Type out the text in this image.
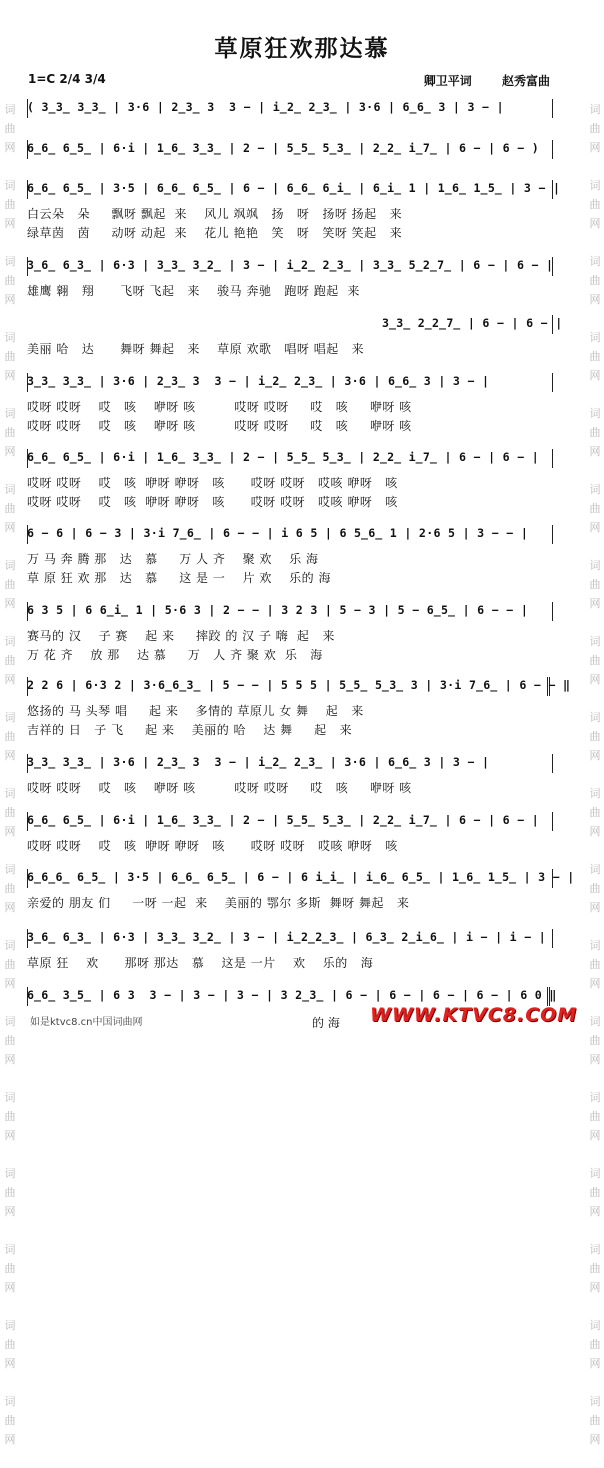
词
曲
网

词
曲
网

词
曲
网

词
曲
网

词
曲
网

词
曲
网

词
曲
网

词
曲
网

词
曲
网

词
曲
网

词
曲
网

词
曲
网

词
曲
网

词
曲
网

词
曲
网

词
曲
网

词
曲
网

词
曲
网

词
曲
网

词
曲
网

词
曲
网

词
曲
网

词
曲
网

词
曲
网

词
曲
网

词
曲
网

词
曲
网

词
曲
网

词
曲
网

词
曲
网

词
曲
网

词
曲
网

词
曲
网

词
曲
网

词
曲
网

词
曲
网

草原狂欢那达慕
1=C 2/4 3/4	卿卫平词	赵秀富曲
( 3̲3̲ 3̲3̲ | 3·6 | 2̲3̲ 3  3 − | i̲2̲ 2̲3̲ | 3·6 | 6̲6̲ 3 | 3 − |
6̲6̲ 6̲5̲ | 6·i | 1̲6̲ 3̲3̲ | 2 − | 5̲5̲ 5̲3̲ | 2̲2̲ i̲7̲ | 6 − | 6 − )
6̲6̲ 6̲5̲ | 3·5 | 6̲6̲ 6̲5̲ | 6 − | 6̲6̲ 6̲i̲ | 6̲i̲ 1 | 1̲6̲ 1̲5̲ | 3 − |
白云朵   朵     飘呀 飘起  来    风儿 飒飒   扬   呀   扬呀 扬起   来
绿草茵   茵     动呀 动起  来    花儿 艳艳   笑   呀   笑呀 笑起   来
3̲6̲ 6̲3̲ | 6·3 | 3̲3̲ 3̲2̲ | 3 − | i̲2̲ 2̲3̲ | 3̲3̲ 5̲2̲7̲ | 6 − | 6 − |
雄鹰 翱   翔      飞呀 飞起   来    骏马 奔驰   跑呀 跑起  来
3̲3̲ 2̲2̲7̲ | 6 − | 6 − |
美丽 哈   达      舞呀 舞起   来    草原 欢歌   唱呀 唱起   来
3̲3̲ 3̲3̲ | 3·6 | 2̲3̲ 3  3 − | i̲2̲ 2̲3̲ | 3·6 | 6̲6̲ 3 | 3 − |
哎呀 哎呀    哎   咳    咿呀 咳         哎呀 哎呀     哎   咳     咿呀 咳
哎呀 哎呀    哎   咳    咿呀 咳         哎呀 哎呀     哎   咳     咿呀 咳
6̲6̲ 6̲5̲ | 6·i | 1̲6̲ 3̲3̲ | 2 − | 5̲5̲ 5̲3̲ | 2̲2̲ i̲7̲ | 6 − | 6 − |
哎呀 哎呀    哎   咳  咿呀 咿呀   咳      哎呀 哎呀   哎咳 咿呀   咳
哎呀 哎呀    哎   咳  咿呀 咿呀   咳      哎呀 哎呀   哎咳 咿呀   咳
6 − 6 | 6 − 3 | 3·i 7̲6̲ | 6 − − | i 6 5 | 6 5̲6̲ 1 | 2·6 5 | 3 − − |
万 马 奔 腾 那   达   慕     万 人 齐    聚 欢    乐 海
草 原 狂 欢 那   达   慕     这 是 一    片 欢    乐的 海
6 3 5 | 6 6̲i̲ 1 | 5·6 3 | 2 − − | 3 2 3 | 5 − 3 | 5 − 6̲5̲ | 6 − − |
赛马的 汉    子 赛    起 来     摔跤 的 汉 子 嗨  起   来
万 花 齐    放 那    达 慕     万   人 齐 聚 欢  乐   海
2 2 6 | 6·3 2 | 3·6̲6̲3̲ | 5 − − | 5 5 5 | 5̲5̲ 5̲3̲ 3 | 3·i 7̲6̲ | 6 − − ‖
悠扬的 马 头琴 唱     起 来    多情的 草原儿 女 舞    起   来
吉祥的 日   子 飞     起 来    美丽的 哈    达 舞     起   来
3̲3̲ 3̲3̲ | 3·6 | 2̲3̲ 3  3 − | i̲2̲ 2̲3̲ | 3·6 | 6̲6̲ 3 | 3 − |
哎呀 哎呀    哎   咳    咿呀 咳         哎呀 哎呀     哎   咳     咿呀 咳
6̲6̲ 6̲5̲ | 6·i | 1̲6̲ 3̲3̲ | 2 − | 5̲5̲ 5̲3̲ | 2̲2̲ i̲7̲ | 6 − | 6 − |
哎呀 哎呀    哎   咳  咿呀 咿呀   咳      哎呀 哎呀   哎咳 咿呀   咳
6̲6̲6̲ 6̲5̲ | 3·5 | 6̲6̲ 6̲5̲ | 6 − | 6 i̲i̲ | i̲6̲ 6̲5̲ | 1̲6̲ 1̲5̲ | 3 − |
亲爱的 朋友 们     一呀 一起  来    美丽的 鄂尔 多斯  舞呀 舞起   来
3̲6̲ 6̲3̲ | 6·3 | 3̲3̲ 3̲2̲ | 3 − | i̲2̲2̲3̲ | 6̲3̲ 2̲i̲6̲ | i − | i − |
草原 狂    欢      那呀 那达   慕    这是 一片    欢    乐的   海
6̲6̲ 3̲5̲ | 6 3  3 − | 3 − | 3 − | 3 2̲3̲ | 6 − | 6 − | 6 − | 6 − | 6 0 ‖
如是ktvc8.cn中国词曲网	的 海 WWW.KTVC8.COM
